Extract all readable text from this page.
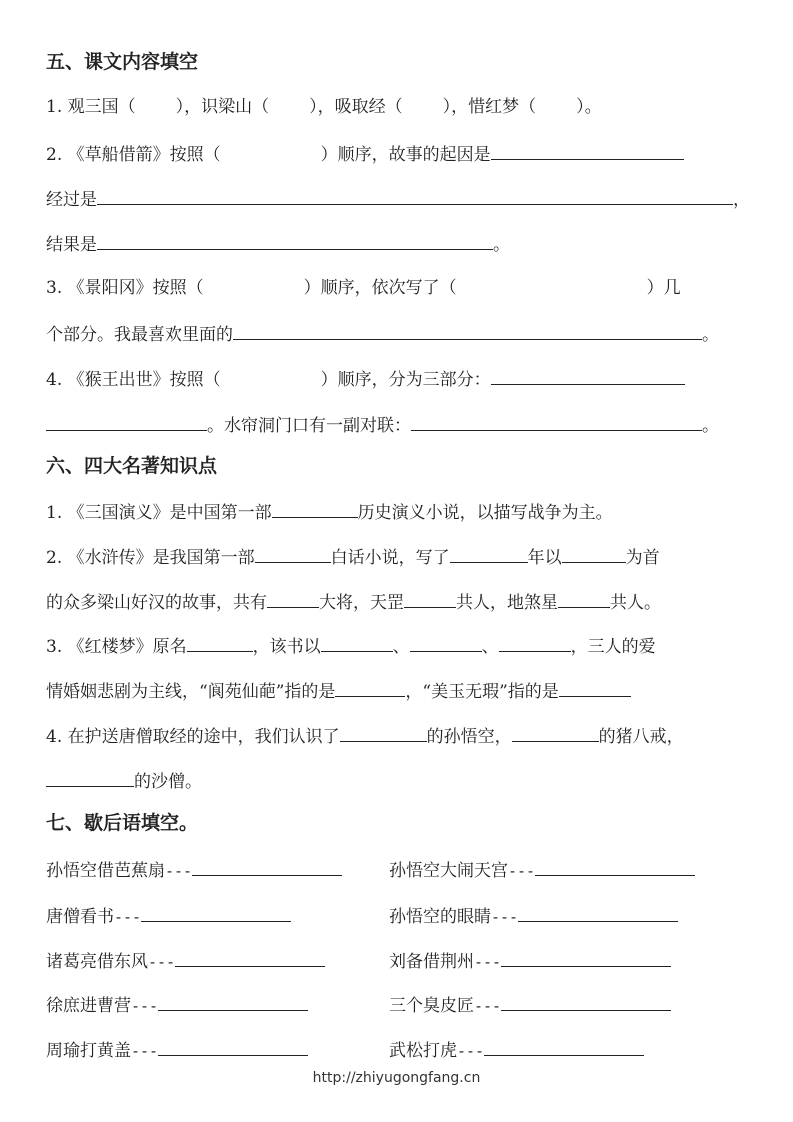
五、课文内容填空
1. 观三国（ ），识梁山（ ），吸取经（ ），惜红梦（ ）。
2. 《草船借箭》按照（	）顺序，故事的起因是
经过是	，
结果是	。
3. 《景阳冈》按照（	）顺序，依次写了（	）几
个部分。我最喜欢里面的	。
4. 《猴王出世》按照（	）顺序，分为三部分：
。水帘洞门口有一副对联：	。
六、四大名著知识点
1. 《三国演义》是中国第一部	历史演义小说，以描写战争为主。
2. 《水浒传》是我国第一部	白话小说，写了	年以	为首
的众多梁山好汉的故事，共有	大将，天罡	共人，地煞星	共人。
3. 《红楼梦》原名	，该书以	、	、	，三人的爱
情婚姻悲剧为主线，“阆苑仙葩”指的是	，“美玉无瑕”指的是
4. 在护送唐僧取经的途中，我们认识了	的孙悟空，	的猪八戒，
的沙僧。
七、歇后语填空。
孙悟空借芭蕉扇---	孙悟空大闹天宫---
唐僧看书---	孙悟空的眼睛---
诸葛亮借东风---	刘备借荆州---
徐庶进曹营---	三个臭皮匠---
周瑜打黄盖---	武松打虎---
http://zhiyugongfang.cn
